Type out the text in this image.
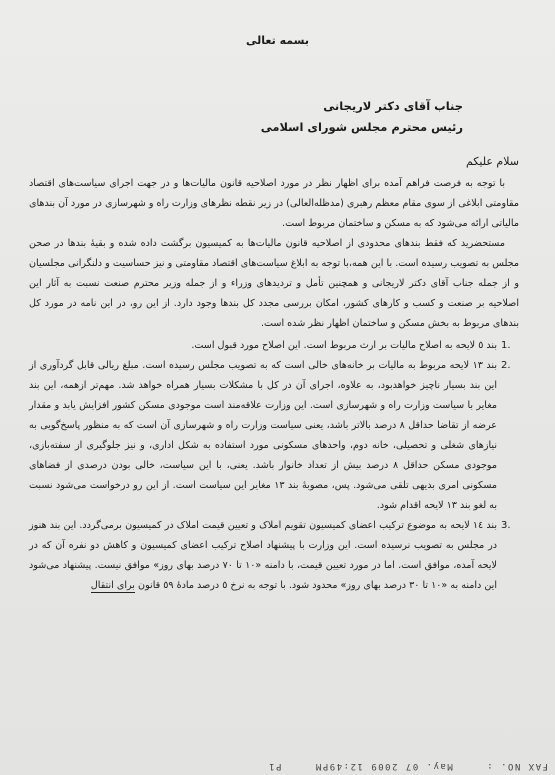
بسمه تعالی
جناب آقای دکتر لاریجانی
رئیس محترم مجلس شورای اسلامی

سلام علیکم

با توجه به فرصت فراهم آمده برای اظهار نظر در مورد اصلاحیه قانون مالیات‌ها و در جهت اجرای سیاست‌های اقتصاد مقاومتی ابلاغی از سوی مقام معظم رهبری (مدظله‌العالی) در زیر نقطه نظرهای وزارت راه و شهرسازی در مورد آن بندهای مالیاتی ارائه می‌شود که به مسکن و ساختمان مربوط است.

مستحضرید که فقط بندهای محدودی از اصلاحیه قانون مالیات‌ها به کمیسیون برگشت داده شده و بقیهٔ بندها در صحن مجلس به تصویب رسیده است. با این همه،با توجه به ابلاغ سیاست‌های اقتصاد مقاومتی و نیز حساسیت و دلنگرانی مجلسیان و از جمله جناب آقای دکتر لاریجانی و همچنین تأمل و تردیدهای وزراء و از جمله وزیر محترم صنعت نسبت به آثار این اصلاحیه بر صنعت و کسب و کارهای کشور، امکان بررسی مجدد کل بندها وجود دارد. از این رو، در این نامه در مورد کل بندهای مربوط به بخش مسکن و ساختمان اظهار نظر شده است.

.1
بند ٥ لایحه به اصلاح مالیات بر ارث مربوط است. این اصلاح مورد قبول است.
.2
بند ١٣ لایحه مربوط به مالیات بر خانه‌های خالی است که به تصویب مجلس رسیده است. مبلغ ریالی قابل گردآوری از این بند بسیار ناچیز خواهدبود، به علاوه، اجرای آن در کل با مشکلات بسیار همراه خواهد شد. مهم‌تر ازهمه، این بند مغایر با سیاست وزارت راه و شهرسازی است. این وزارت علاقه‌مند است موجودی مسکن کشور افزایش یابد و مقدار عرضه از تقاضا حداقل ٨ درصد بالاتر باشد، یعنی سیاست وزارت راه و شهرسازی آن است که به منظور پاسخ‌گویی به نیازهای شغلی و تحصیلی، خانه دوم، واحدهای مسکونی مورد استفاده به شکل اداری، و نیز جلوگیری از سفته‌بازی، موجودی مسکن حداقل ٨ درصد بیش از تعداد خانوار باشد. یعنی، با این سیاست، خالی بودن درصدی از فضاهای مسکونی امری بدیهی تلقی می‌شود. پس، مصوبهٔ بند ١٣ مغایر این سیاست است. از این رو درخواست می‌شود نسبت به لغو بند ١٣ لایحه اقدام شود.
.3
بند ١٤ لایحه به موضوع ترکیب اعضای کمیسیون تقویم املاک و تعیین قیمت املاک در کمیسیون برمی‌گردد. این بند هنوز در مجلس به تصویب نرسیده است. این وزارت با پیشنهاد اصلاح ترکیب اعضای کمیسیون و کاهش دو نفره آن که در لایحه آمده، موافق است. اما در مورد تعیین قیمت، با دامنه «١٠ تا ٧٠ درصد بهای روز» موافق نیست. پیشنهاد می‌شود این دامنه به «١٠ تا ٣٠ درصد بهای روز» محدود شود. با توجه به نرخ ٥ درصد مادهٔ ٥٩ قانون برای انتقال
FAX NO. : May. 07 2009 12:49PM P1
